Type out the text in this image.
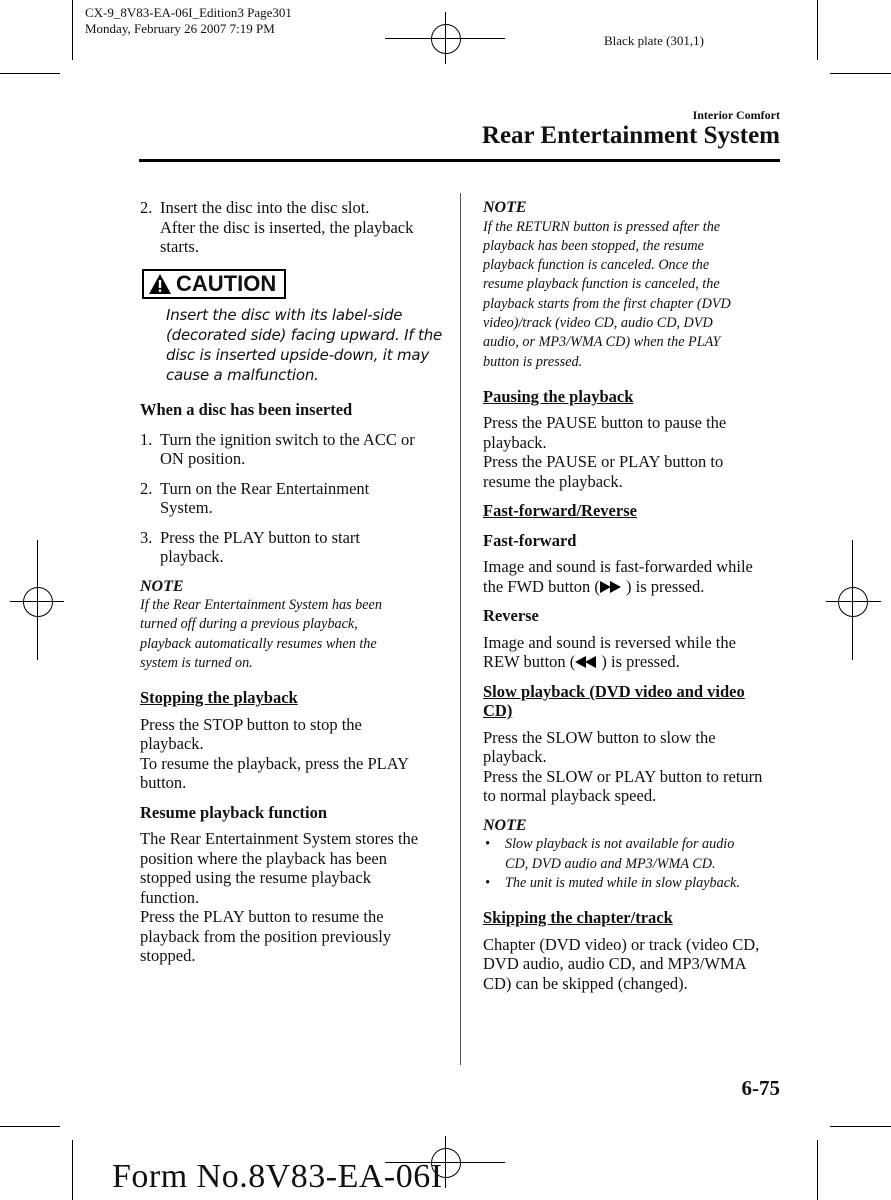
CX-9_8V83-EA-06I_Edition3 Page301
Monday, February 26 2007 7:19 PM
Black plate (301,1)
Interior Comfort
Rear Entertainment System
2. Insert the disc into the disc slot.

After the disc is inserted, the playback

starts.

CAUTION

Insert the disc with its label-side

(decorated side) facing upward. If the

disc is inserted upside-down, it may

cause a malfunction.

When a disc has been inserted

1. Turn the ignition switch to the ACC or

ON position.

2. Turn on the Rear Entertainment

System.

3. Press the PLAY button to start

playback.

NOTE

If the Rear Entertainment System has been

turned off during a previous playback,

playback automatically resumes when the

system is turned on.

Stopping the playback

Press the STOP button to stop the

playback.

To resume the playback, press the PLAY

button.

Resume playback function

The Rear Entertainment System stores the

position where the playback has been

stopped using the resume playback

function.

Press the PLAY button to resume the

playback from the position previously

stopped.

NOTE

If the RETURN button is pressed after the

playback has been stopped, the resume

playback function is canceled. Once the

resume playback function is canceled, the

playback starts from the first chapter (DVD

video)/track (video CD, audio CD, DVD

audio, or MP3/WMA CD) when the PLAY

button is pressed.

Pausing the playback

Press the PAUSE button to pause the

playback.

Press the PAUSE or PLAY button to

resume the playback.

Fast-forward/Reverse

Fast-forward

Image and sound is fast-forwarded while

the FWD button ( ) is pressed.

Reverse

Image and sound is reversed while the

REW button ( ) is pressed.

Slow playback (DVD video and video

CD)

Press the SLOW button to slow the

playback.

Press the SLOW or PLAY button to return

to normal playback speed.

NOTE

•	Slow playback is not available for audio

CD, DVD audio and MP3/WMA CD.

•	The unit is muted while in slow playback.

Skipping the chapter/track

Chapter (DVD video) or track (video CD,

DVD audio, audio CD, and MP3/WMA

CD) can be skipped (changed).

6-75
Form No.8V83-EA-06I
